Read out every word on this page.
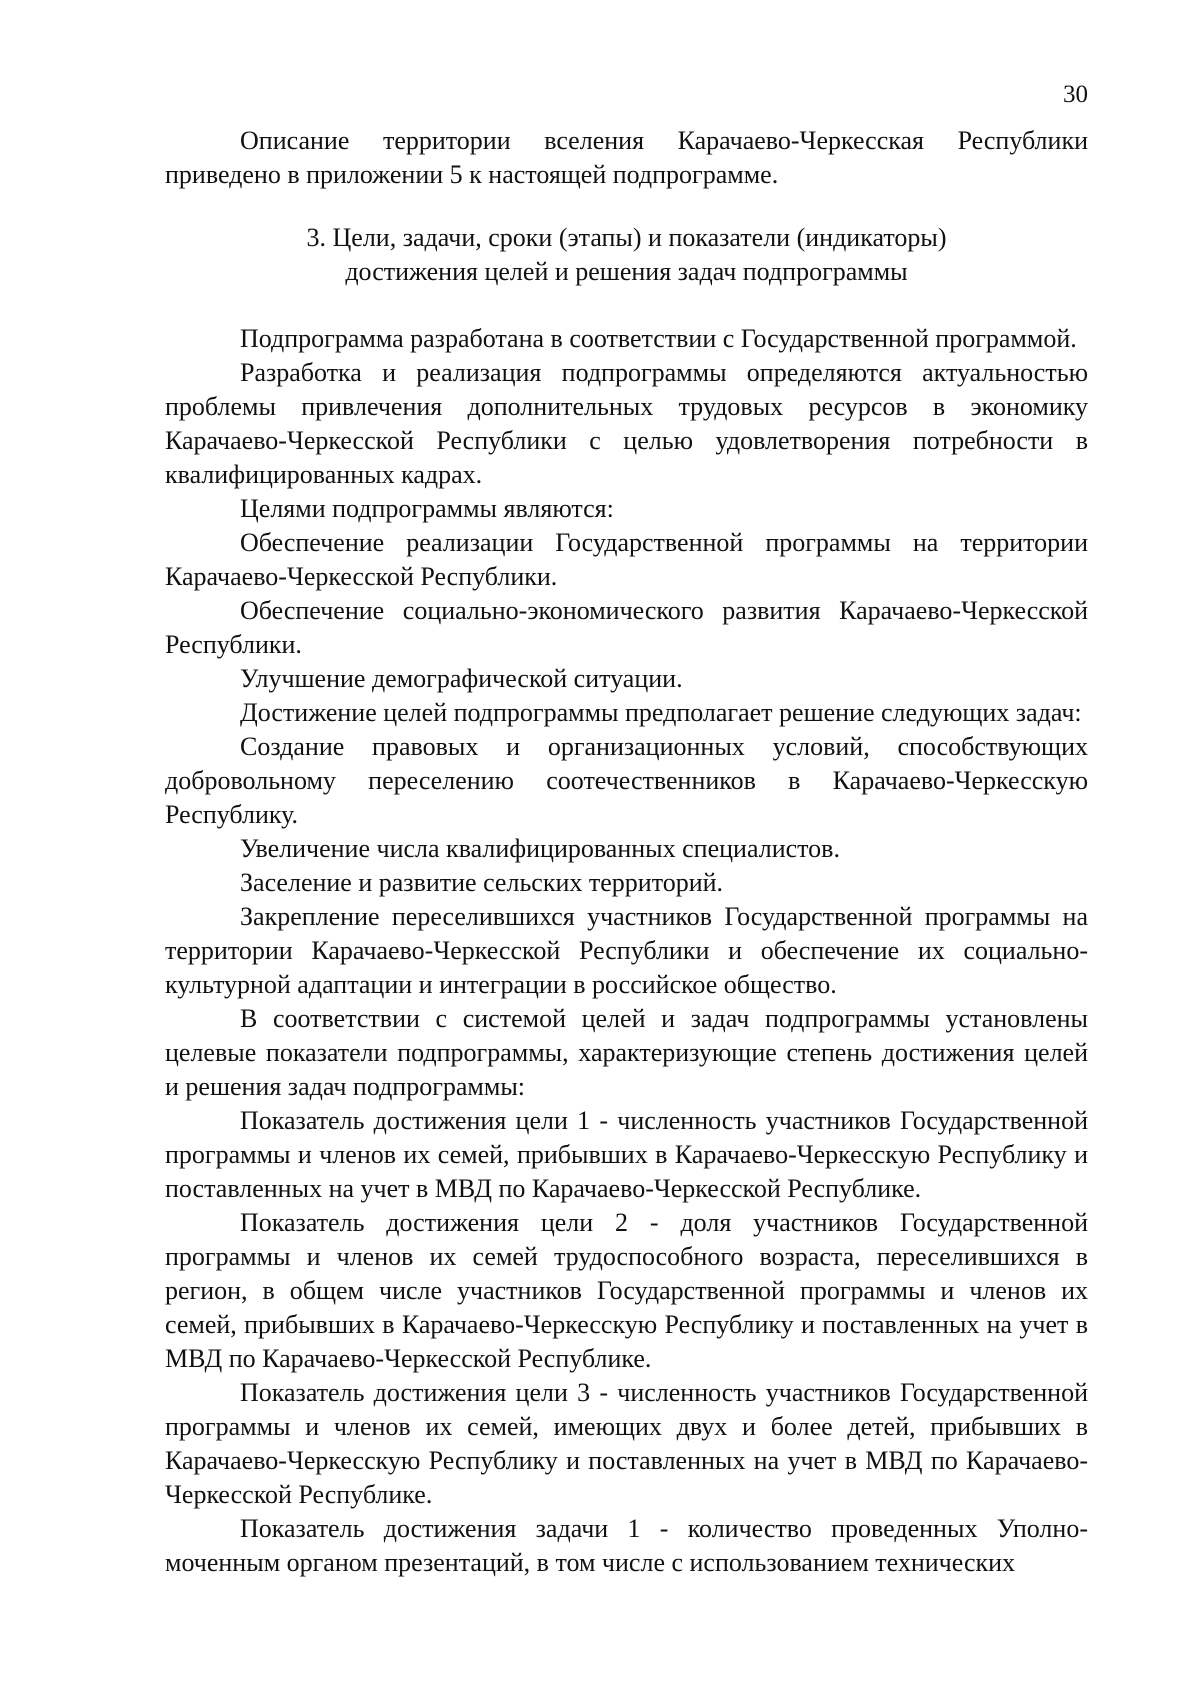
30

Описание территории вселения Карачаево-Черкесская Республики приведено в приложении 5 к настоящей подпрограмме.

3. Цели, задачи, сроки (этапы) и показатели (индикаторы)
достижения целей и решения задач подпрограммы

Подпрограмма разработана в соответствии с Государственной программой.

Разработка и реализация подпрограммы определяются актуальностью проблемы привлечения дополнительных трудовых ресурсов в экономику Карачаево-Черкесской Республики с целью удовлетворения потребности в квалифицированных кадрах.

Целями подпрограммы являются:

Обеспечение реализации Государственной программы на территории Карачаево-Черкесской Республики.

Обеспечение социально-экономического развития Карачаево-Черкесской Республики.

Улучшение демографической ситуации.

Достижение целей подпрограммы предполагает решение следующих задач:

Создание правовых и организационных условий, способствующих добровольному переселению соотечественников в Карачаево-Черкесскую Республику.

Увеличение числа квалифицированных специалистов.

Заселение и развитие сельских территорий.

Закрепление переселившихся участников Государственной программы на территории Карачаево-Черкесской Республики и обеспечение их социально-культурной адаптации и интеграции в российское общество.

В соответствии с системой целей и задач подпрограммы установлены целевые показатели подпрограммы, характеризующие степень достижения целей и решения задач подпрограммы:

Показатель достижения цели 1 - численность участников Государственной программы и членов их семей, прибывших в Карачаево-Черкесскую Республику и поставленных на учет в МВД по Карачаево-Черкесской Республике.

Показатель достижения цели 2 - доля участников Государственной программы и членов их семей трудоспособного возраста, переселившихся в регион, в общем числе участников Государственной программы и членов их семей, прибывших в Карачаево-Черкесскую Республику и поставленных на учет в МВД по Карачаево-Черкесской Республике.

Показатель достижения цели 3 - численность участников Государственной программы и членов их семей, имеющих двух и более детей, прибывших в Карачаево-Черкесскую Республику и поставленных на учет в МВД по Карачаево-Черкесской Республике.

Показатель достижения задачи 1 - количество проведенных Уполномоченным органом презентаций, в том числе с использованием технических
